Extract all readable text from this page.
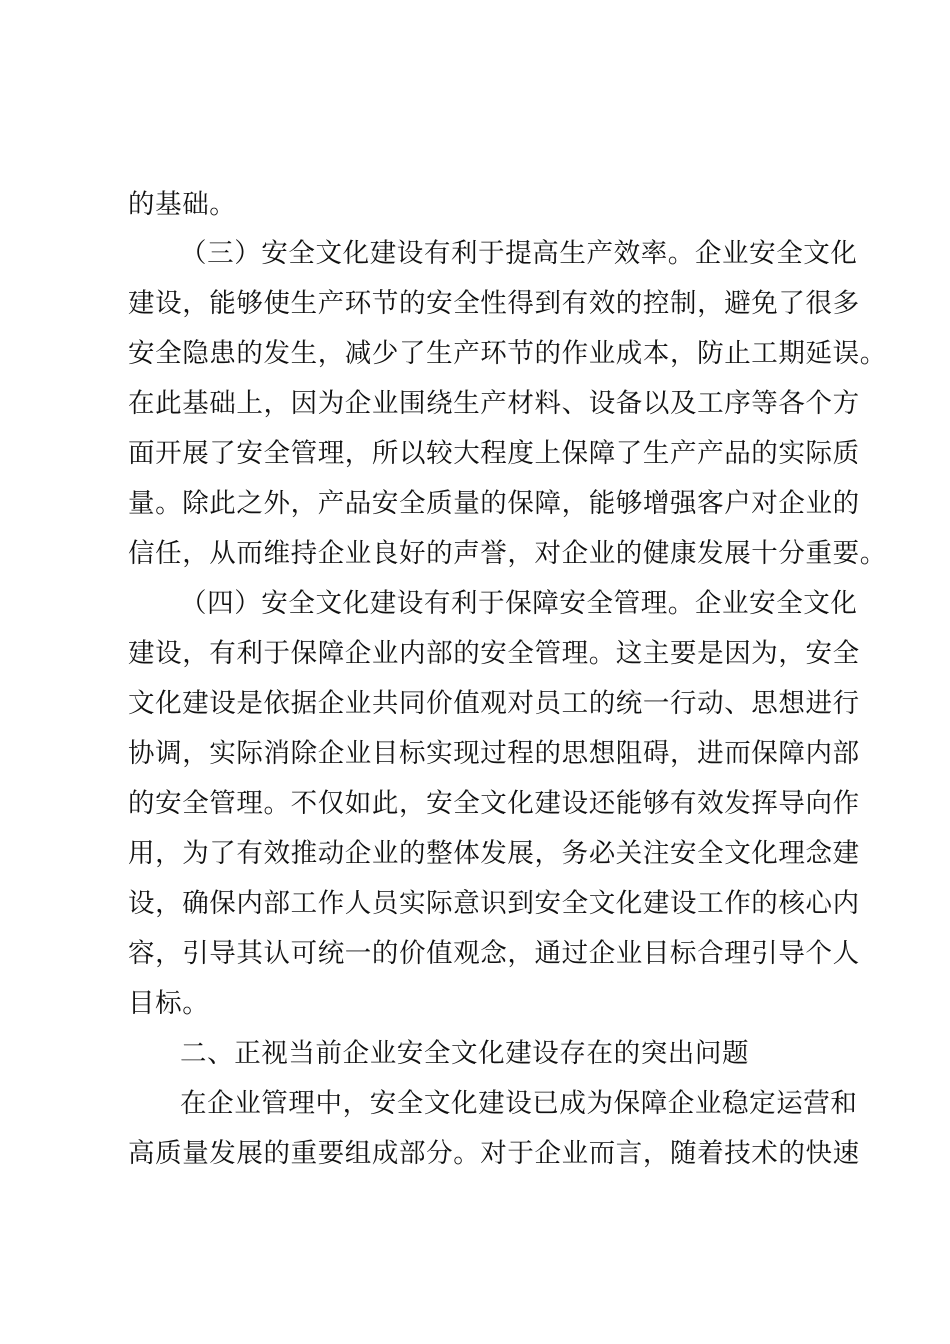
的基础。
（三）安全文化建设有利于提高生产效率。企业安全文化
建设，能够使生产环节的安全性得到有效的控制，避免了很多
安全隐患的发生，减少了生产环节的作业成本，防止工期延误。
在此基础上，因为企业围绕生产材料、设备以及工序等各个方
面开展了安全管理，所以较大程度上保障了生产产品的实际质
量。除此之外，产品安全质量的保障，能够增强客户对企业的
信任，从而维持企业良好的声誉，对企业的健康发展十分重要。
（四）安全文化建设有利于保障安全管理。企业安全文化
建设，有利于保障企业内部的安全管理。这主要是因为，安全
文化建设是依据企业共同价值观对员工的统一行动、思想进行
协调，实际消除企业目标实现过程的思想阻碍，进而保障内部
的安全管理。不仅如此，安全文化建设还能够有效发挥导向作
用，为了有效推动企业的整体发展，务必关注安全文化理念建
设，确保内部工作人员实际意识到安全文化建设工作的核心内
容，引导其认可统一的价值观念，通过企业目标合理引导个人
目标。
二、正视当前企业安全文化建设存在的突出问题
在企业管理中，安全文化建设已成为保障企业稳定运营和
高质量发展的重要组成部分。对于企业而言，随着技术的快速
